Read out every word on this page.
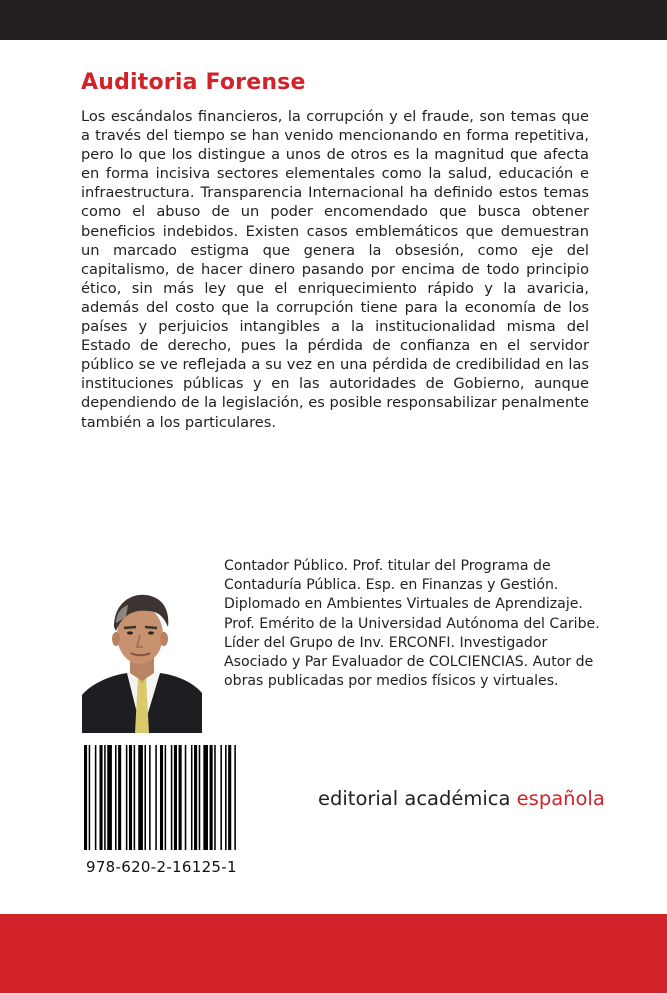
Auditoria Forense

Los escándalos financieros, la corrupción y el fraude, son temas que a través del tiempo se han venido mencionando en forma repetitiva, pero lo que los distingue a unos de otros es la magnitud que afecta en forma incisiva sectores elementales como la salud, educación e infraestructura. Transparencia Internacional ha definido estos temas como el abuso de un poder encomendado que busca obtener beneficios indebidos. Existen casos emblemáticos que demuestran un marcado estigma que genera la obsesión, como eje del capitalismo, de hacer dinero pasando por encima de todo principio ético, sin más ley que el enriquecimiento rápido y la avaricia, además del costo que la corrupción tiene para la economía de los países y perjuicios intangibles a la institucionalidad misma del Estado de derecho, pues la pérdida de confianza en el servidor público se ve reflejada a su vez en una pérdida de credibilidad en las instituciones públicas y en las autoridades de Gobierno, aunque dependiendo de la legislación, es posible responsabilizar penalmente también a los particulares.

Contador Público. Prof. titular del Programa de Contaduría Pública. Esp. en Finanzas y Gestión. Diplomado en Ambientes Virtuales de Aprendizaje. Prof. Emérito de la Universidad Autónoma del Caribe. Líder del Grupo de Inv. ERCONFI. Investigador Asociado y Par Evaluador de COLCIENCIAS. Autor de obras publicadas por medios físicos y virtuales.

978-620-2-16125-1
editorial académica española
